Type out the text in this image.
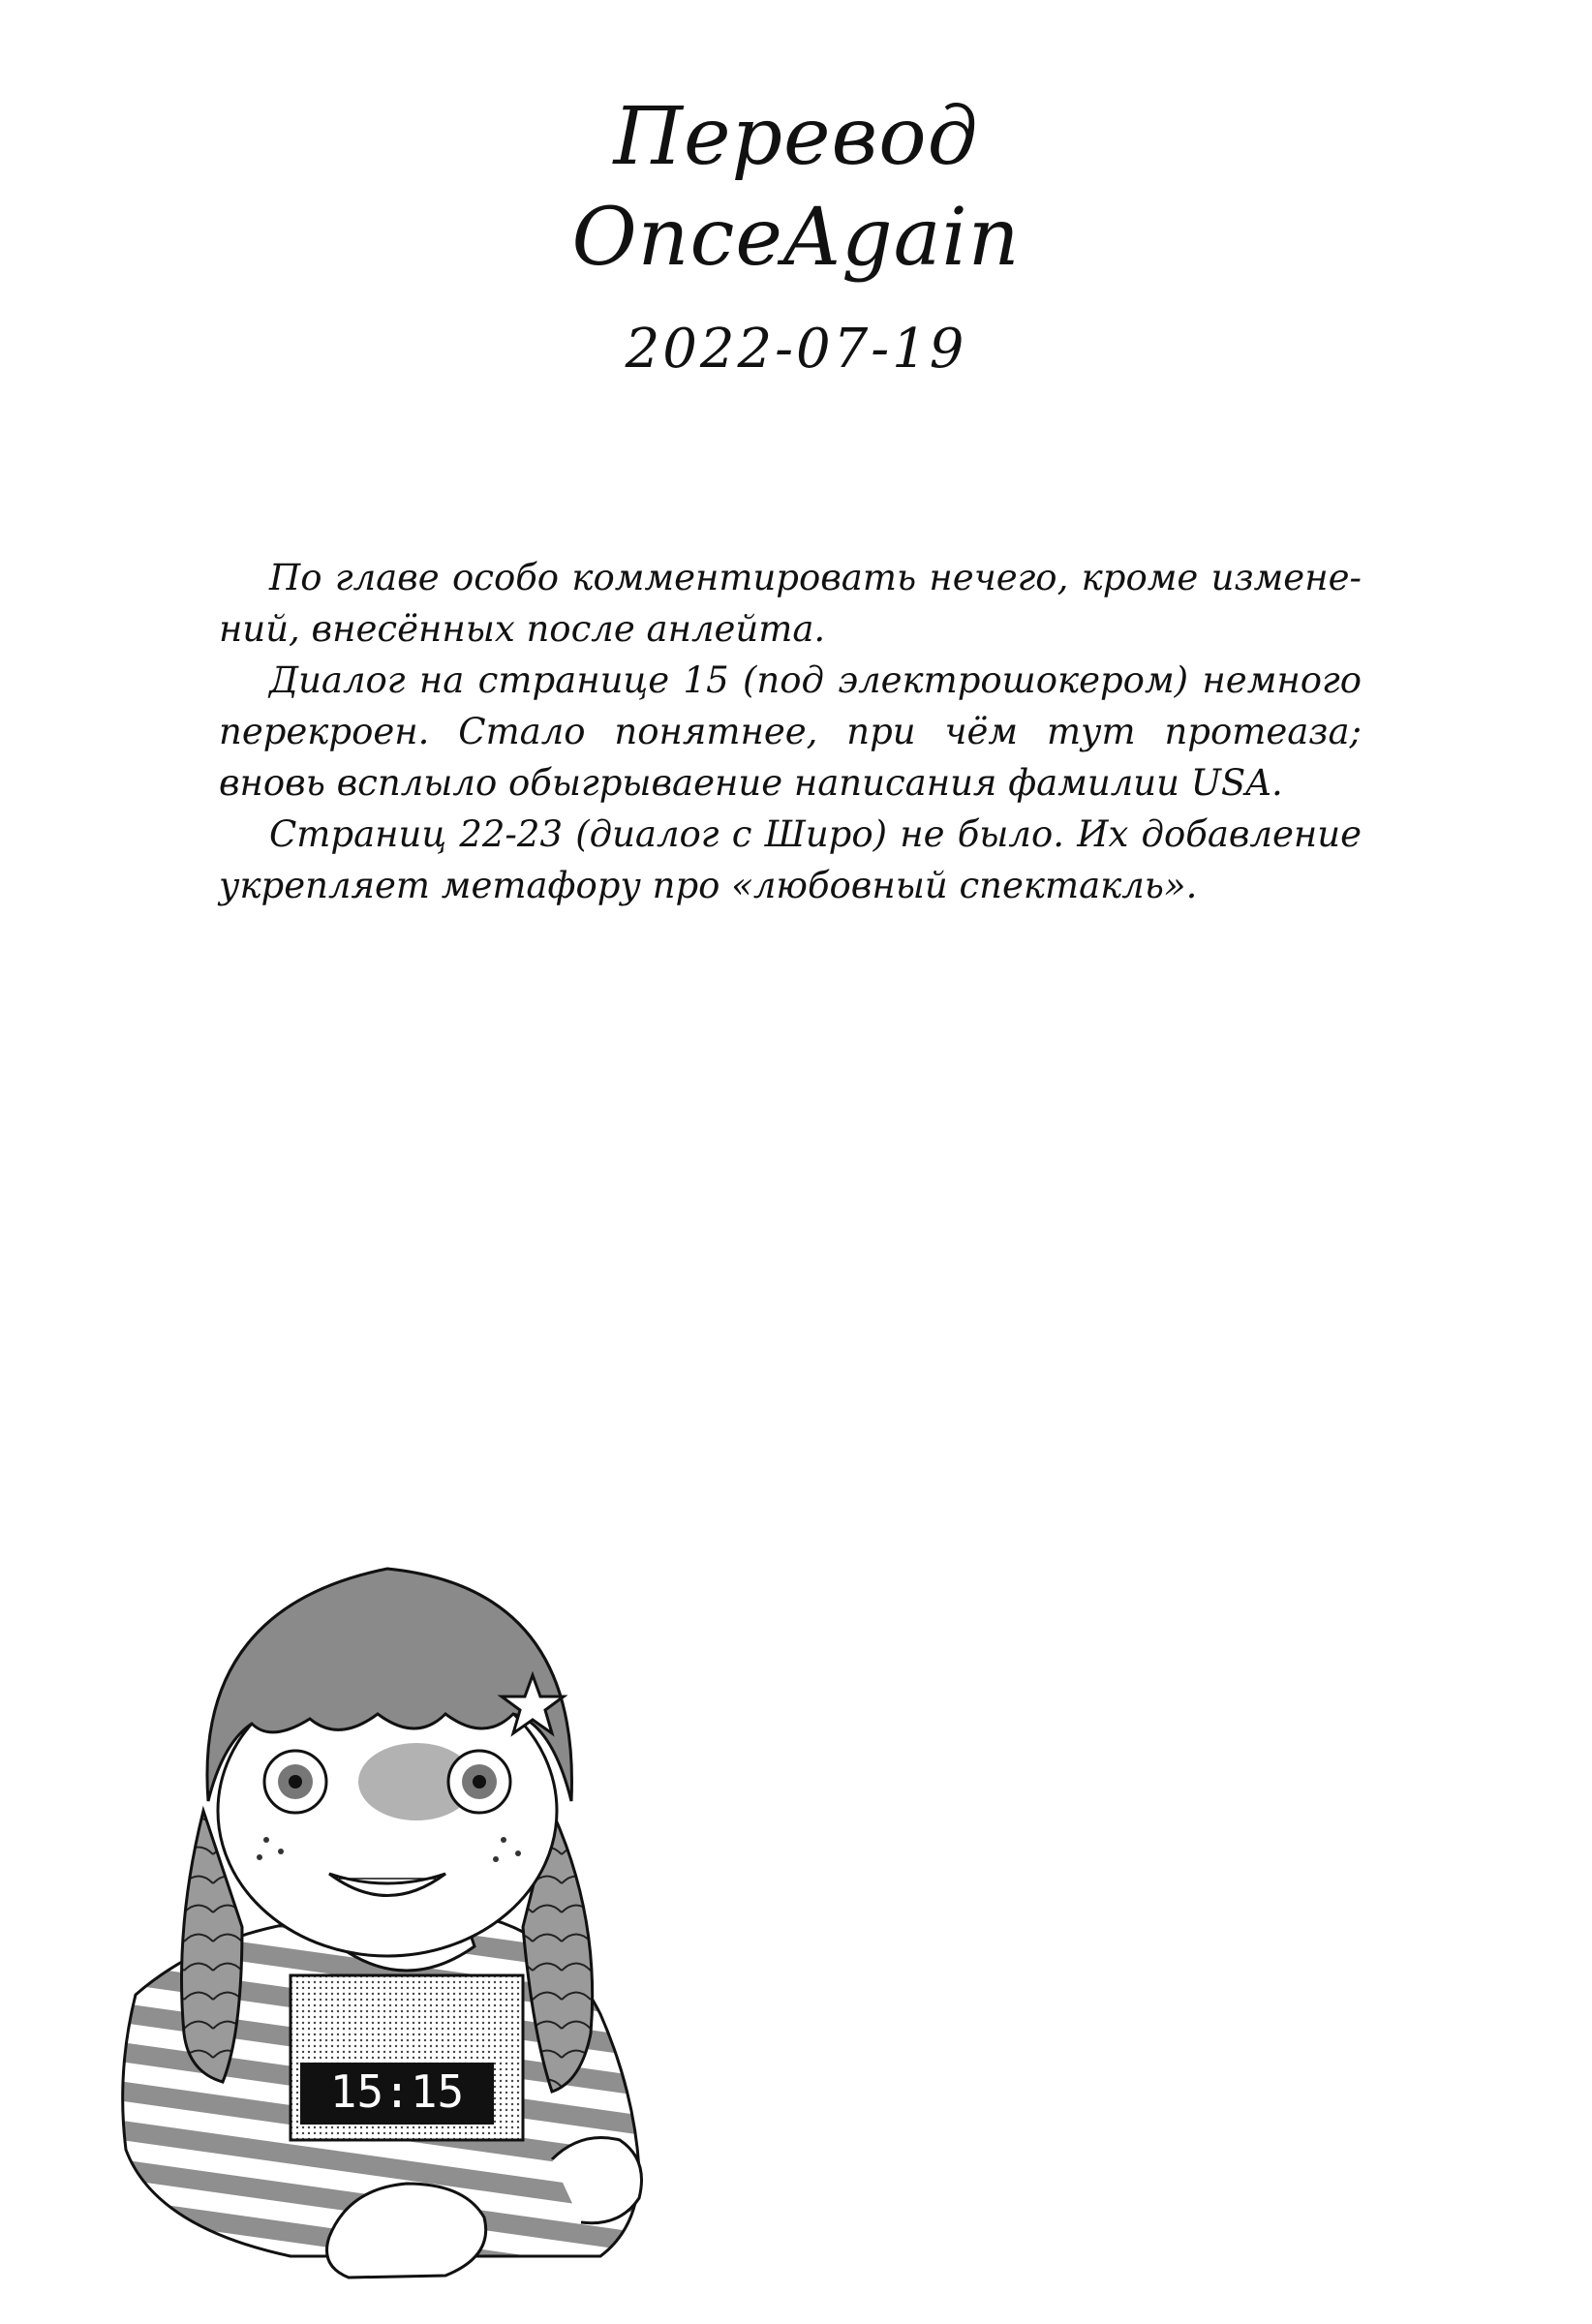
Перевод
OnceAgain
2022-07-19

По главе особо комментировать нечего, кроме изменений, внесённых после анлейта.

Диалог на странице 15 (под электрошокером) немного перекроен. Стало понятнее, при чём тут протеаза; вновь всплыло обыгрываение написания фамилии USA.

Страниц 22-23 (диалог с Широ) не было. Их добавление укрепляет метафору про «любовный спектакль».

15:15
